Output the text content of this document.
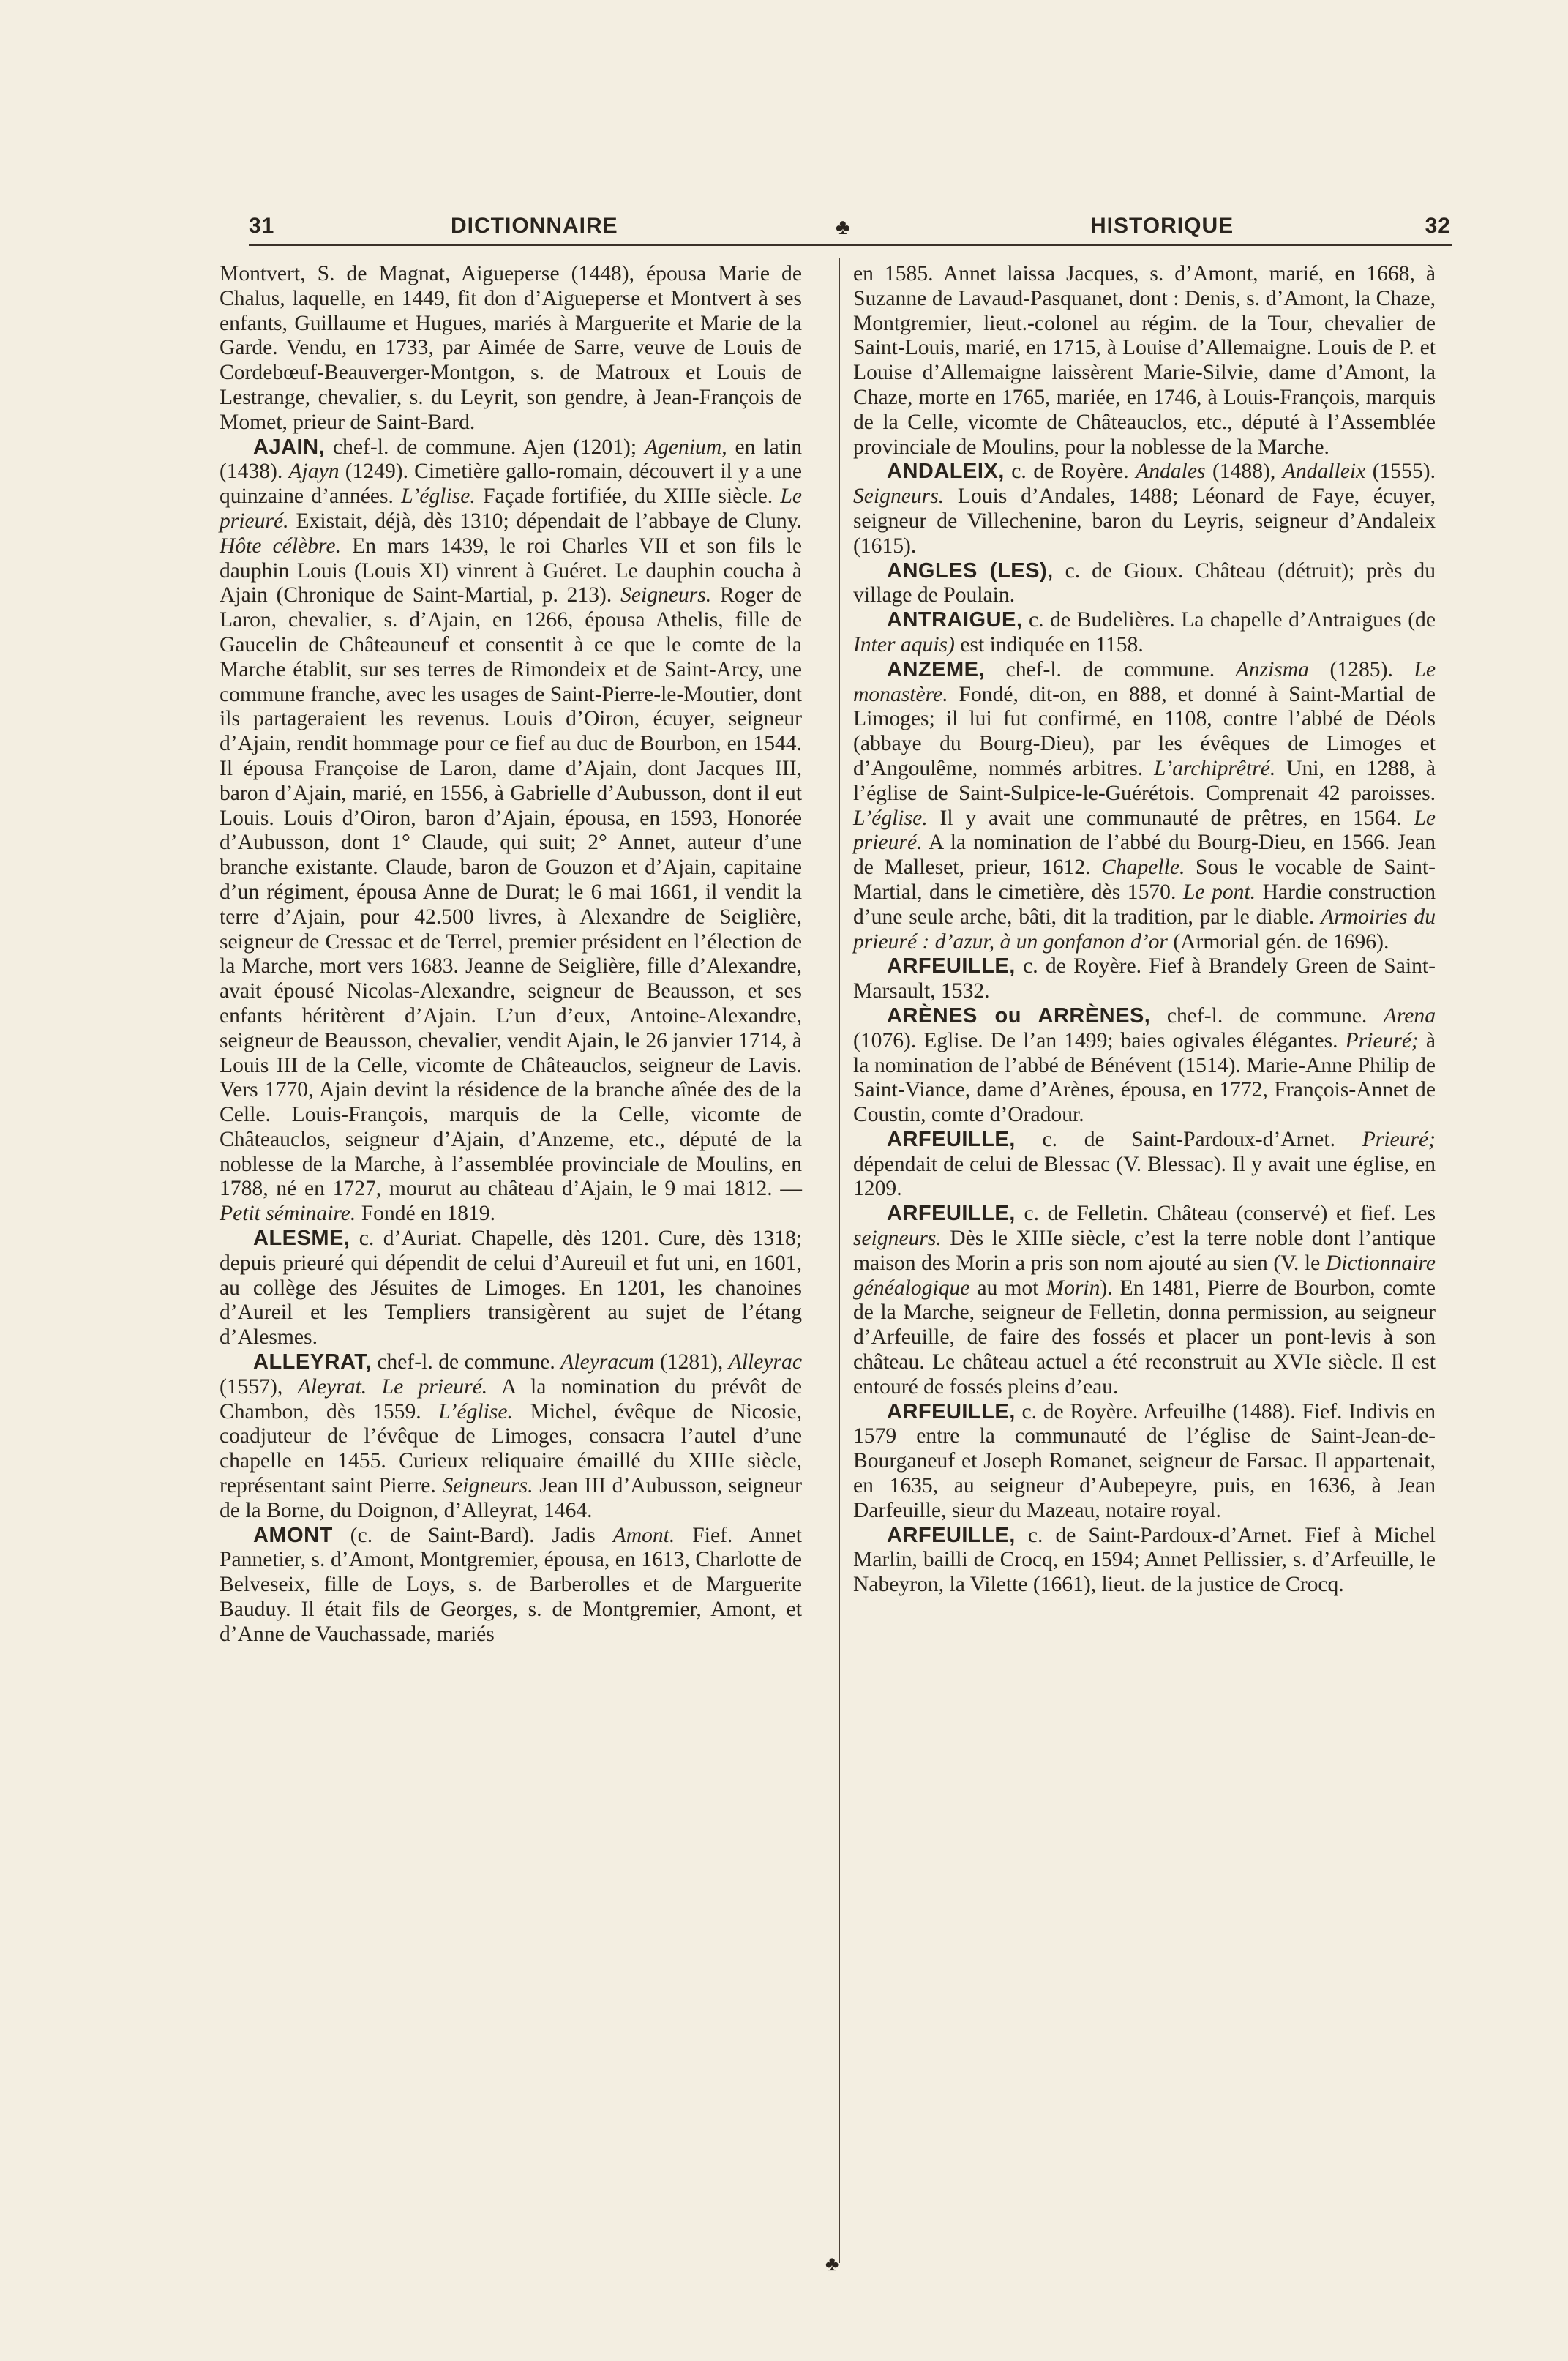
31	DICTIONNAIRE	♣	HISTORIQUE	32

Montvert, S. de Magnat, Aigueperse (1448), épousa Marie de Chalus, laquelle, en 1449, fit don d’Aigueperse et Montvert à ses enfants, Guillaume et Hugues, mariés à Marguerite et Marie de la Garde. Vendu, en 1733, par Aimée de Sarre, veuve de Louis de Cordebœuf-Beauverger-Montgon, s. de Matroux et Louis de Lestrange, chevalier, s. du Leyrit, son gendre, à Jean-François de Momet, prieur de Saint-Bard.

AJAIN, chef-l. de commune. Ajen (1201); Agenium, en latin (1438). Ajayn (1249). Cimetière gallo-romain, découvert il y a une quinzaine d’années. L’église. Façade fortifiée, du XIIIe siècle. Le prieuré. Existait, déjà, dès 1310; dépendait de l’abbaye de Cluny. Hôte célèbre. En mars 1439, le roi Charles VII et son fils le dauphin Louis (Louis XI) vinrent à Guéret. Le dauphin coucha à Ajain (Chronique de Saint-Martial, p. 213). Seigneurs. Roger de Laron, chevalier, s. d’Ajain, en 1266, épousa Athelis, fille de Gaucelin de Châteauneuf et consentit à ce que le comte de la Marche établit, sur ses terres de Rimondeix et de Saint-Arcy, une commune franche, avec les usages de Saint-Pierre-le-Moutier, dont ils partageraient les revenus. Louis d’Oiron, écuyer, seigneur d’Ajain, rendit hommage pour ce fief au duc de Bourbon, en 1544. Il épousa Françoise de Laron, dame d’Ajain, dont Jacques III, baron d’Ajain, marié, en 1556, à Gabrielle d’Aubusson, dont il eut Louis. Louis d’Oiron, baron d’Ajain, épousa, en 1593, Honorée d’Aubusson, dont 1° Claude, qui suit; 2° Annet, auteur d’une branche existante. Claude, baron de Gouzon et d’Ajain, capitaine d’un régiment, épousa Anne de Durat; le 6 mai 1661, il vendit la terre d’Ajain, pour 42.500 livres, à Alexandre de Seiglière, seigneur de Cressac et de Terrel, premier président en l’élection de la Marche, mort vers 1683. Jeanne de Seiglière, fille d’Alexandre, avait épousé Nicolas-Alexandre, seigneur de Beausson, et ses enfants héritèrent d’Ajain. L’un d’eux, Antoine-Alexandre, seigneur de Beausson, chevalier, vendit Ajain, le 26 janvier 1714, à Louis III de la Celle, vicomte de Châteauclos, seigneur de Lavis. Vers 1770, Ajain devint la résidence de la branche aînée des de la Celle. Louis-François, marquis de la Celle, vicomte de Châteauclos, seigneur d’Ajain, d’Anzeme, etc., député de la noblesse de la Marche, à l’assemblée provinciale de Moulins, en 1788, né en 1727, mourut au château d’Ajain, le 9 mai 1812. — Petit séminaire. Fondé en 1819.

ALESME, c. d’Auriat. Chapelle, dès 1201. Cure, dès 1318; depuis prieuré qui dépendit de celui d’Aureuil et fut uni, en 1601, au collège des Jésuites de Limoges. En 1201, les chanoines d’Aureil et les Templiers transigèrent au sujet de l’étang d’Alesmes.

ALLEYRAT, chef-l. de commune. Aleyracum (1281), Alleyrac (1557), Aleyrat. Le prieuré. A la nomination du prévôt de Chambon, dès 1559. L’église. Michel, évêque de Nicosie, coadjuteur de l’évêque de Limoges, consacra l’autel d’une chapelle en 1455. Curieux reliquaire émaillé du XIIIe siècle, représentant saint Pierre. Seigneurs. Jean III d’Aubusson, seigneur de la Borne, du Doignon, d’Alleyrat, 1464.

AMONT (c. de Saint-Bard). Jadis Amont. Fief. Annet Pannetier, s. d’Amont, Montgremier, épousa, en 1613, Charlotte de Belveseix, fille de Loys, s. de Barberolles et de Marguerite Bauduy. Il était fils de Georges, s. de Montgremier, Amont, et d’Anne de Vauchassade, mariés

en 1585. Annet laissa Jacques, s. d’Amont, marié, en 1668, à Suzanne de Lavaud-Pasquanet, dont : Denis, s. d’Amont, la Chaze, Montgremier, lieut.-colonel au régim. de la Tour, chevalier de Saint-Louis, marié, en 1715, à Louise d’Allemaigne. Louis de P. et Louise d’Allemaigne laissèrent Marie-Silvie, dame d’Amont, la Chaze, morte en 1765, mariée, en 1746, à Louis-François, marquis de la Celle, vicomte de Châteauclos, etc., député à l’Assemblée provinciale de Moulins, pour la noblesse de la Marche.

ANDALEIX, c. de Royère. Andales (1488), Andalleix (1555). Seigneurs. Louis d’Andales, 1488; Léonard de Faye, écuyer, seigneur de Villechenine, baron du Leyris, seigneur d’Andaleix (1615).

ANGLES (LES), c. de Gioux. Château (détruit); près du village de Poulain.

ANTRAIGUE, c. de Budelières. La chapelle d’Antraigues (de Inter aquis) est indiquée en 1158.

ANZEME, chef-l. de commune. Anzisma (1285). Le monastère. Fondé, dit-on, en 888, et donné à Saint-Martial de Limoges; il lui fut confirmé, en 1108, contre l’abbé de Déols (abbaye du Bourg-Dieu), par les évêques de Limoges et d’Angoulême, nommés arbitres. L’archiprêtré. Uni, en 1288, à l’église de Saint-Sulpice-le-Guérétois. Comprenait 42 paroisses. L’église. Il y avait une communauté de prêtres, en 1564. Le prieuré. A la nomination de l’abbé du Bourg-Dieu, en 1566. Jean de Malleset, prieur, 1612. Chapelle. Sous le vocable de Saint-Martial, dans le cimetière, dès 1570. Le pont. Hardie construction d’une seule arche, bâti, dit la tradition, par le diable. Armoiries du prieuré : d’azur, à un gonfanon d’or (Armorial gén. de 1696).

ARFEUILLE, c. de Royère. Fief à Brandely Green de Saint-Marsault, 1532.

ARÈNES ou ARRÈNES, chef-l. de commune. Arena (1076). Eglise. De l’an 1499; baies ogivales élégantes. Prieuré; à la nomination de l’abbé de Bénévent (1514). Marie-Anne Philip de Saint-Viance, dame d’Arènes, épousa, en 1772, François-Annet de Coustin, comte d’Oradour.

ARFEUILLE, c. de Saint-Pardoux-d’Arnet. Prieuré; dépendait de celui de Blessac (V. Blessac). Il y avait une église, en 1209.

ARFEUILLE, c. de Felletin. Château (conservé) et fief. Les seigneurs. Dès le XIIIe siècle, c’est la terre noble dont l’antique maison des Morin a pris son nom ajouté au sien (V. le Dictionnaire généalogique au mot Morin). En 1481, Pierre de Bourbon, comte de la Marche, seigneur de Felletin, donna permission, au seigneur d’Arfeuille, de faire des fossés et placer un pont-levis à son château. Le château actuel a été reconstruit au XVIe siècle. Il est entouré de fossés pleins d’eau.

ARFEUILLE, c. de Royère. Arfeuilhe (1488). Fief. Indivis en 1579 entre la communauté de l’église de Saint-Jean-de-Bourganeuf et Joseph Romanet, seigneur de Farsac. Il appartenait, en 1635, au seigneur d’Aubepeyre, puis, en 1636, à Jean Darfeuille, sieur du Mazeau, notaire royal.

ARFEUILLE, c. de Saint-Pardoux-d’Arnet. Fief à Michel Marlin, bailli de Crocq, en 1594; Annet Pellissier, s. d’Arfeuille, le Nabeyron, la Vilette (1661), lieut. de la justice de Crocq.

♣
